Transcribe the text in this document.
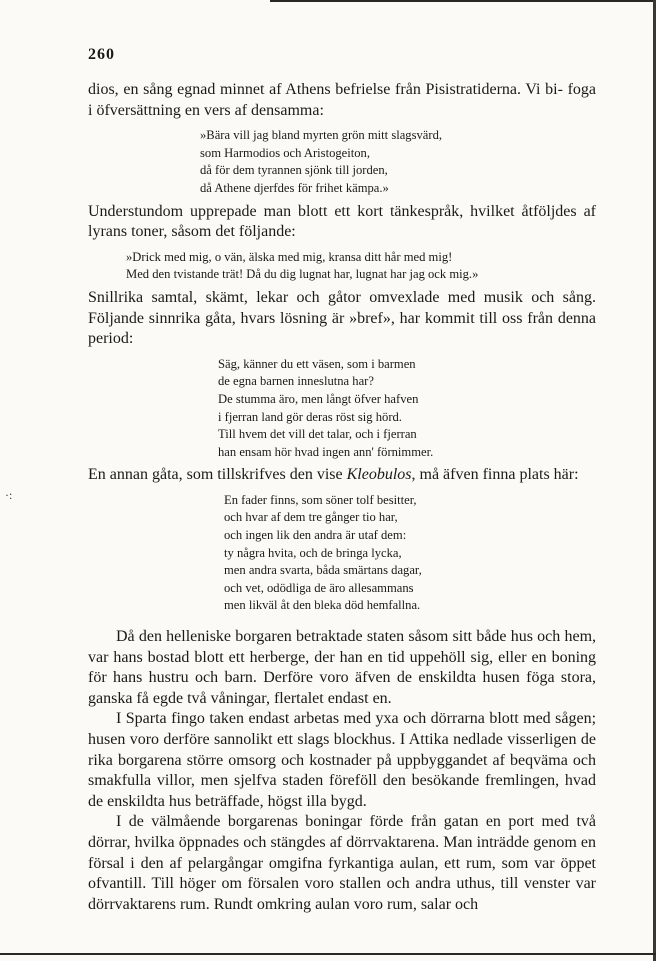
·:
260

dios, en sång egnad minnet af Athens befrielse från Pisistratiderna. Vi bi- foga i öfversättning en vers af densamma:

»Bära vill jag bland myrten grön mitt slagsvärd,
som Harmodios och Aristogeiton,
då för dem tyrannen sjönk till jorden,
då Athene djerfdes för frihet kämpa.»

Understundom upprepade man blott ett kort tänkespråk, hvilket åtföljdes af lyrans toner, såsom det följande:

»Drick med mig, o vän, älska med mig, kransa ditt hår med mig!
Med den tvistande trät! Då du dig lugnat har, lugnat har jag ock mig.»

Snillrika samtal, skämt, lekar och gåtor omvexlade med musik och sång. Följande sinnrika gåta, hvars lösning är »bref», har kommit till oss från denna period:

Säg, känner du ett väsen, som i barmen
de egna barnen inneslutna har?
De stumma äro, men långt öfver hafven
i fjerran land gör deras röst sig hörd.
Till hvem det vill det talar, och i fjerran
han ensam hör hvad ingen ann' förnimmer.

En annan gåta, som tillskrifves den vise Kleobulos, må äfven finna plats här:

En fader finns, som söner tolf besitter,
och hvar af dem tre gånger tio har,
och ingen lik den andra är utaf dem:
ty några hvita, och de bringa lycka,
men andra svarta, båda smärtans dagar,
och vet, odödliga de äro allesammans
men likväl åt den bleka död hemfallna.

Då den helleniske borgaren betraktade staten såsom sitt både hus och hem, var hans bostad blott ett herberge, der han en tid uppehöll sig, eller en boning för hans hustru och barn. Derföre voro äfven de enskildta husen föga stora, ganska få egde två våningar, flertalet endast en.

I Sparta fingo taken endast arbetas med yxa och dörrarna blott med sågen; husen voro derföre sannolikt ett slags blockhus. I Attika nedlade visserligen de rika borgarena större omsorg och kostnader på uppbyggandet af beqväma och smakfulla villor, men sjelfva staden föreföll den besökande fremlingen, hvad de enskildta hus beträffade, högst illa bygd.

I de välmående borgarenas boningar förde från gatan en port med två dörrar, hvilka öppnades och stängdes af dörrvaktarena. Man inträdde genom en försal i den af pelargångar omgifna fyrkantiga aulan, ett rum, som var öppet ofvantill. Till höger om försalen voro stallen och andra uthus, till venster var dörrvaktarens rum. Rundt omkring aulan voro rum, salar och
